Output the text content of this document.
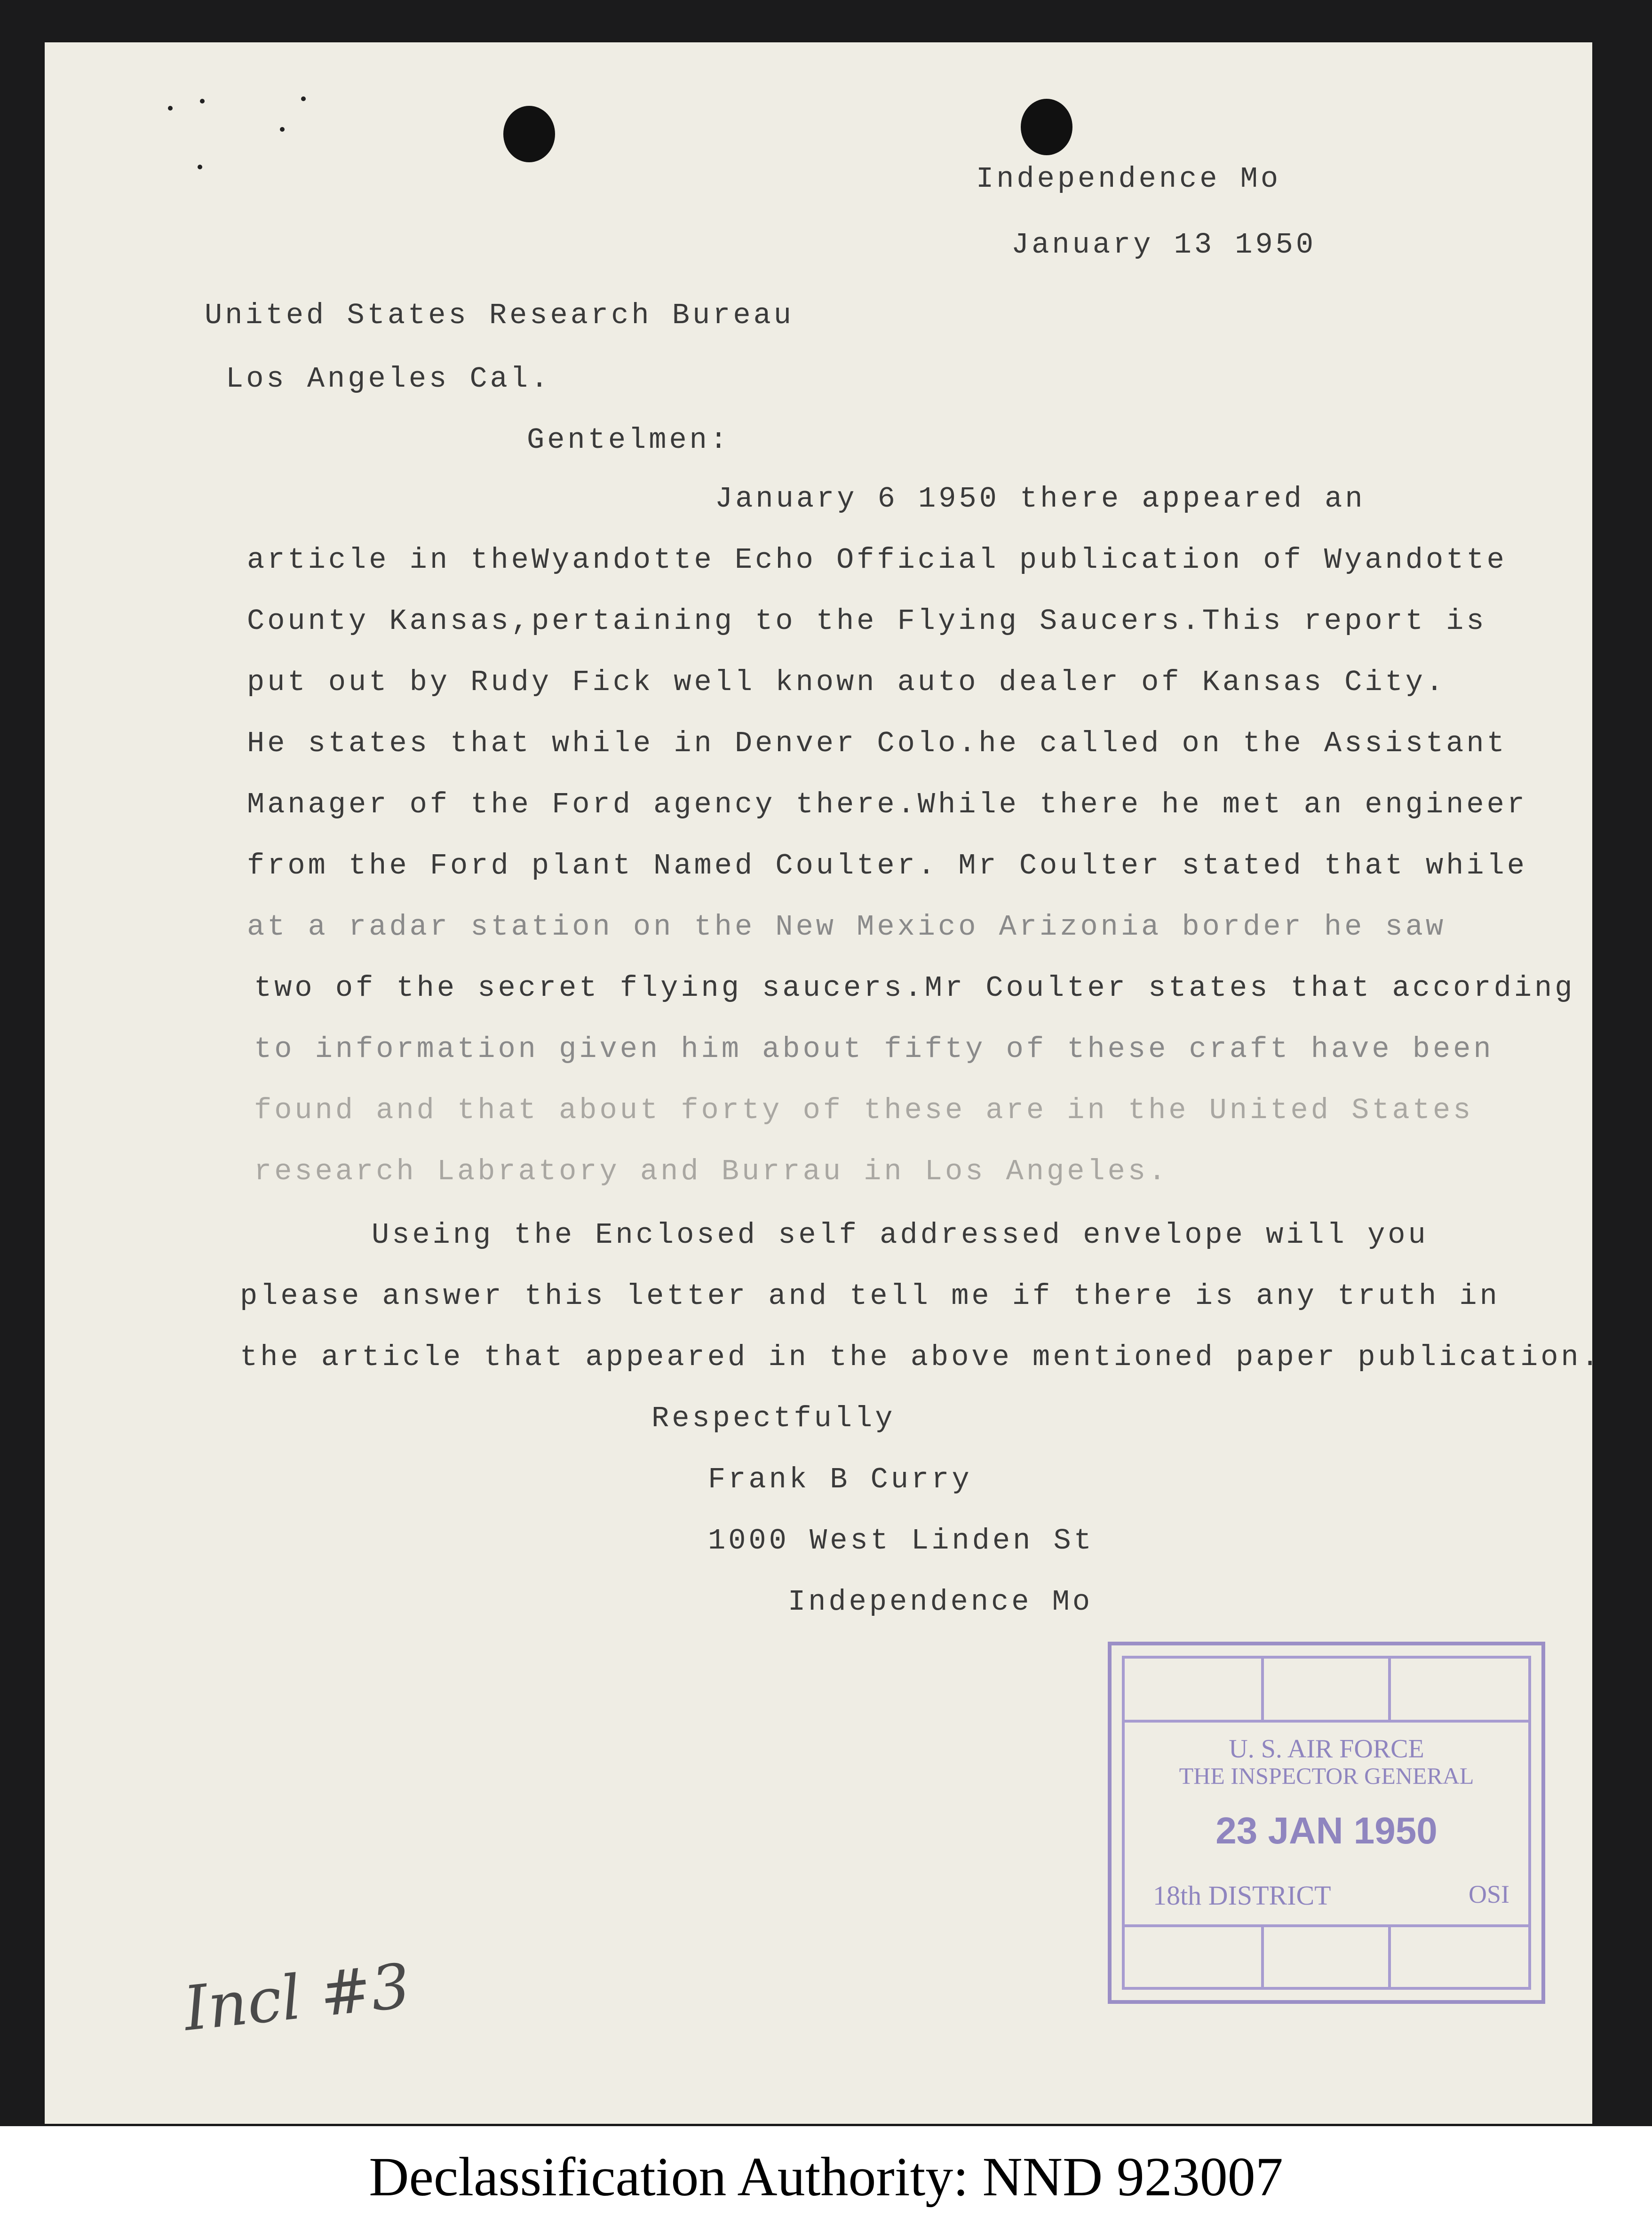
Independence Mo

January 13 1950

United States Research Bureau

Los Angeles Cal.

Gentelmen:

January 6 1950 there appeared an

article in theWyandotte Echo Official publication of Wyandotte

County Kansas,pertaining to the Flying Saucers.This report is

put out by Rudy Fick well known auto dealer of Kansas City.

He states that while in Denver Colo.he called on the Assistant

Manager of the Ford agency there.While there he met an engineer

from the Ford plant Named Coulter. Mr Coulter stated that while

at a radar station on the New Mexico Arizonia border he saw

two of the secret flying saucers.Mr Coulter states that according

to information given him about fifty of these craft have been

found and that about forty of these are in the United States

research Labratory and Burrau in Los Angeles.

Useing the Enclosed self addressed envelope will you

please answer this letter and tell me if there is any truth in

the article that appeared in the above mentioned paper publication.

Respectfully

Frank B Curry

1000 West Linden St

Independence Mo

U. S. AIR FORCE
THE INSPECTOR GENERAL
23 JAN 1950
18th DISTRICT	OSI
Incl #3
Declassification Authority: NND 923007
